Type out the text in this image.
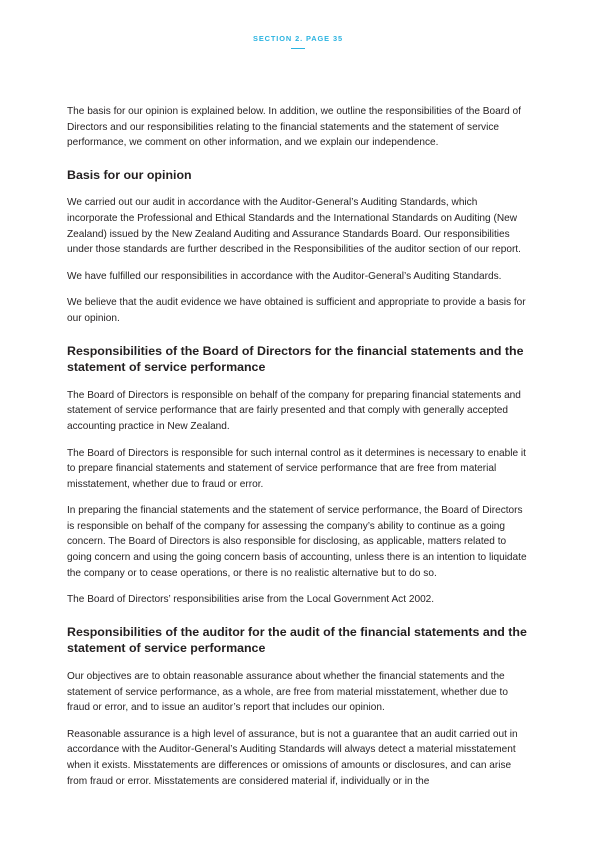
SECTION 2. PAGE 35

The basis for our opinion is explained below. In addition, we outline the responsibilities of the Board of Directors and our responsibilities relating to the financial statements and the statement of service performance, we comment on other information, and we explain our independence.

Basis for our opinion

We carried out our audit in accordance with the Auditor-General’s Auditing Standards, which incorporate the Professional and Ethical Standards and the International Standards on Auditing (New Zealand) issued by the New Zealand Auditing and Assurance Standards Board. Our responsibilities under those standards are further described in the Responsibilities of the auditor section of our report.

We have fulfilled our responsibilities in accordance with the Auditor-General’s Auditing Standards.

We believe that the audit evidence we have obtained is sufficient and appropriate to provide a basis for our opinion.

Responsibilities of the Board of Directors for the financial statements and the statement of service performance

The Board of Directors is responsible on behalf of the company for preparing financial statements and statement of service performance that are fairly presented and that comply with generally accepted accounting practice in New Zealand.

The Board of Directors is responsible for such internal control as it determines is necessary to enable it to prepare financial statements and statement of service performance that are free from material misstatement, whether due to fraud or error.

In preparing the financial statements and the statement of service performance, the Board of Directors is responsible on behalf of the company for assessing the company’s ability to continue as a going concern. The Board of Directors is also responsible for disclosing, as applicable, matters related to going concern and using the going concern basis of accounting, unless there is an intention to liquidate the company or to cease operations, or there is no realistic alternative but to do so.

The Board of Directors’ responsibilities arise from the Local Government Act 2002.

Responsibilities of the auditor for the audit of the financial statements and the statement of service performance

Our objectives are to obtain reasonable assurance about whether the financial statements and the statement of service performance, as a whole, are free from material misstatement, whether due to fraud or error, and to issue an auditor’s report that includes our opinion.

Reasonable assurance is a high level of assurance, but is not a guarantee that an audit carried out in accordance with the Auditor-General’s Auditing Standards will always detect a material misstatement when it exists. Misstatements are differences or omissions of amounts or disclosures, and can arise from fraud or error. Misstatements are considered material if, individually or in the
